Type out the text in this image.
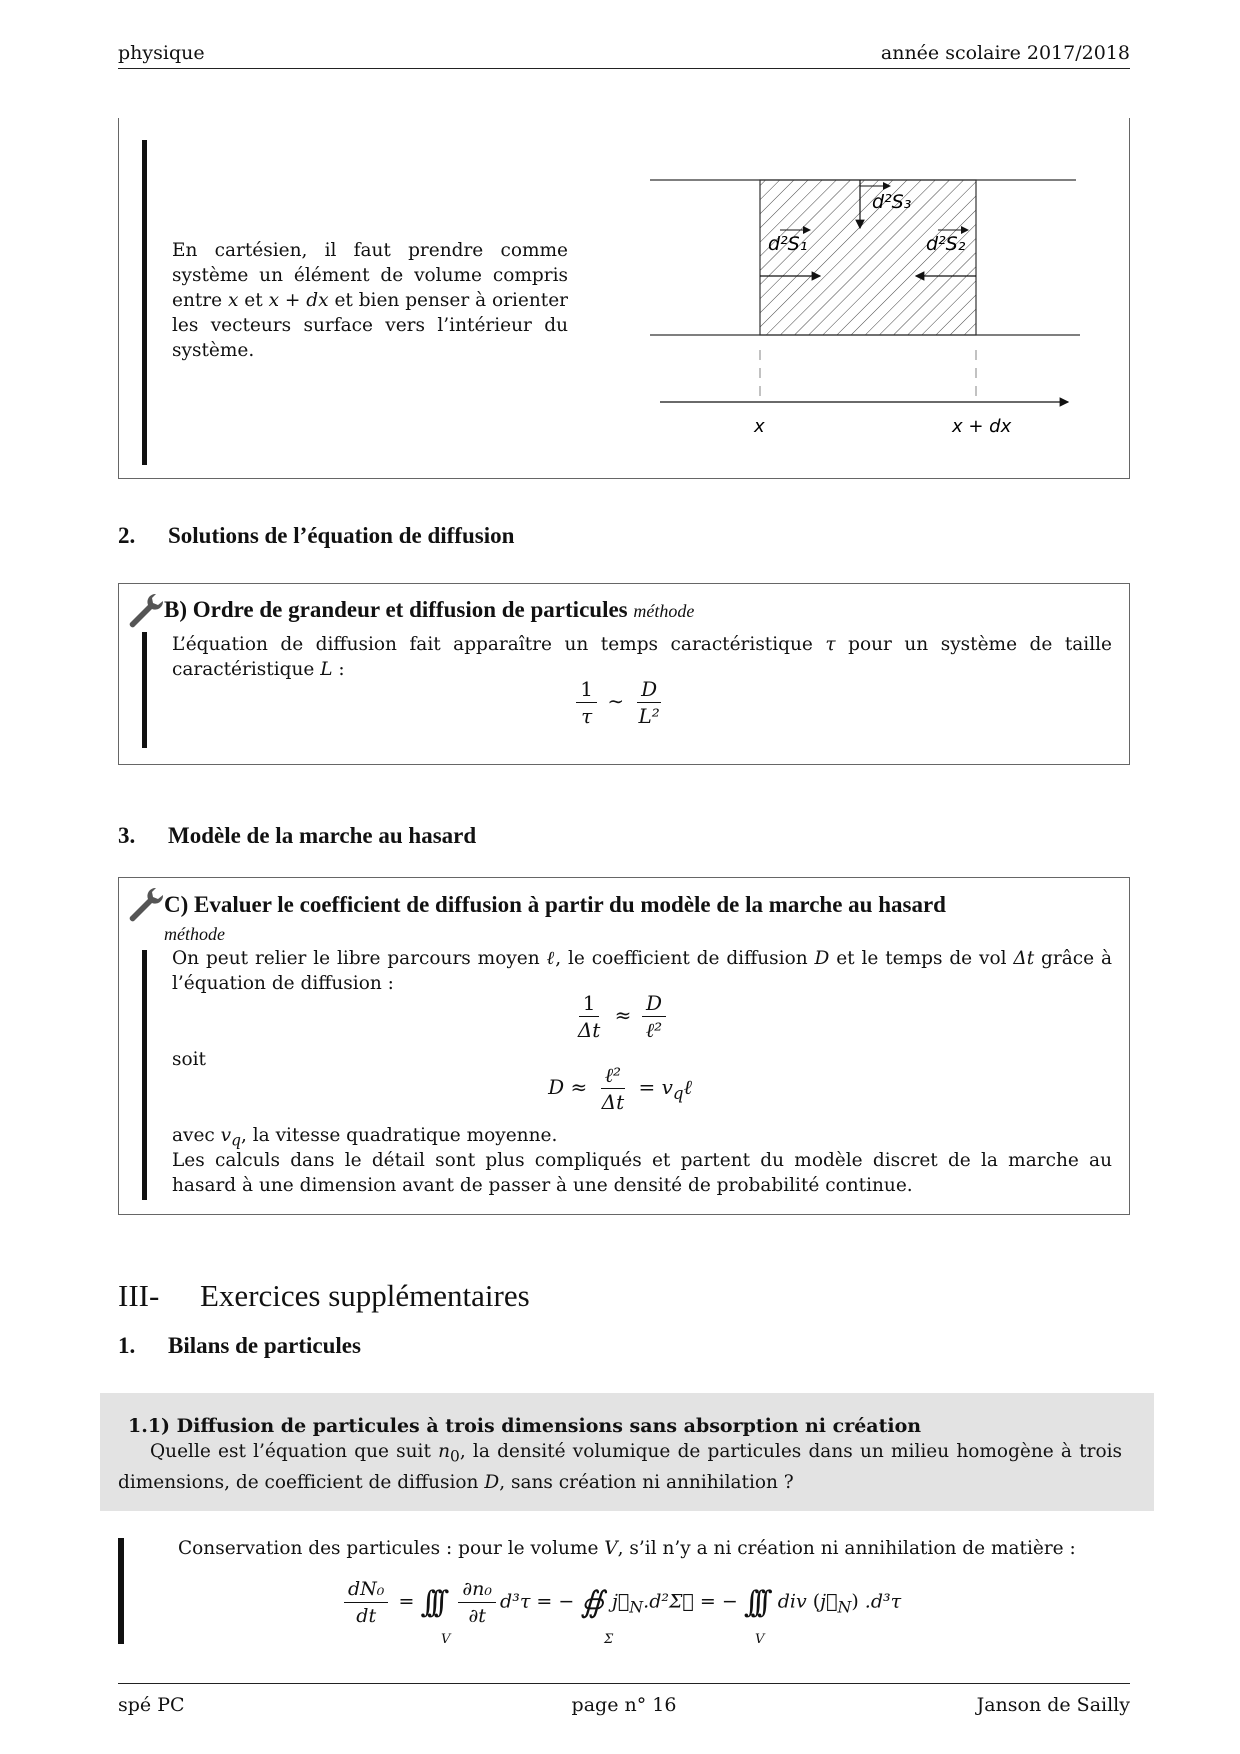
physique	année scolaire 2017/2018
En cartésien, il faut prendre comme système un élément de volume compris entre x et x + dx et bien penser à orienter les vecteurs surface vers l’intérieur du système.
d²S₃
d²S₁	d²S₂
x	x + dx
2. Solutions de l’équation de diffusion
B) Ordre de grandeur et diffusion de particules méthode
L’équation de diffusion fait apparaître un temps caractéristique τ pour un système de taille caractéristique L :
$\frac{1}{\tau}$ ∼ $\frac{D}{\text{L²}}$
3. Modèle de la marche au hasard
C) Evaluer le coefficient de diffusion à partir du modèle de la marche au hasard
méthode
On peut relier le libre parcours moyen ℓ, le coefficient de diffusion D et le temps de vol Δt grâce à l’équation de diffusion :
$\frac{1}{\Delta t} \approx \frac{D}{\text{ℓ²}}$
soit
$D \approx \frac{\text{ℓ²}}{\Delta t}$ = $v_q\ell$
avec $v_q$, la vitesse quadratique moyenne.
Les calculs dans le détail sont plus compliqués et partent du modèle discret de la marche au hasard à une dimension avant de passer à une densité de probabilité continue.
III- Exercices supplémentaires
1. Bilans de particules
1.1) Diffusion de particules à trois dimensions sans absorption ni création
Quelle est l’équation que suit $n_0$, la densité volumique de particules dans un milieu homogène à trois dimensions, de coefficient de diffusion D, sans création ni annihilation ?
Conservation des particules : pour le volume V, s’il n’y a ni création ni annihilation de matière :
$\frac{\text{dN₀}}{dt}$ = ∫∫∫ $\frac{\text{∂n₀}}{\partial t} d^3\tau$ = − ∯ $j⃗_N.d^2\Sigma⃗$ = − ∫∫∫ div $(j⃗_N)$ .d³τ
V	Σ	V
spé PC	page n° 16	Janson de Sailly
